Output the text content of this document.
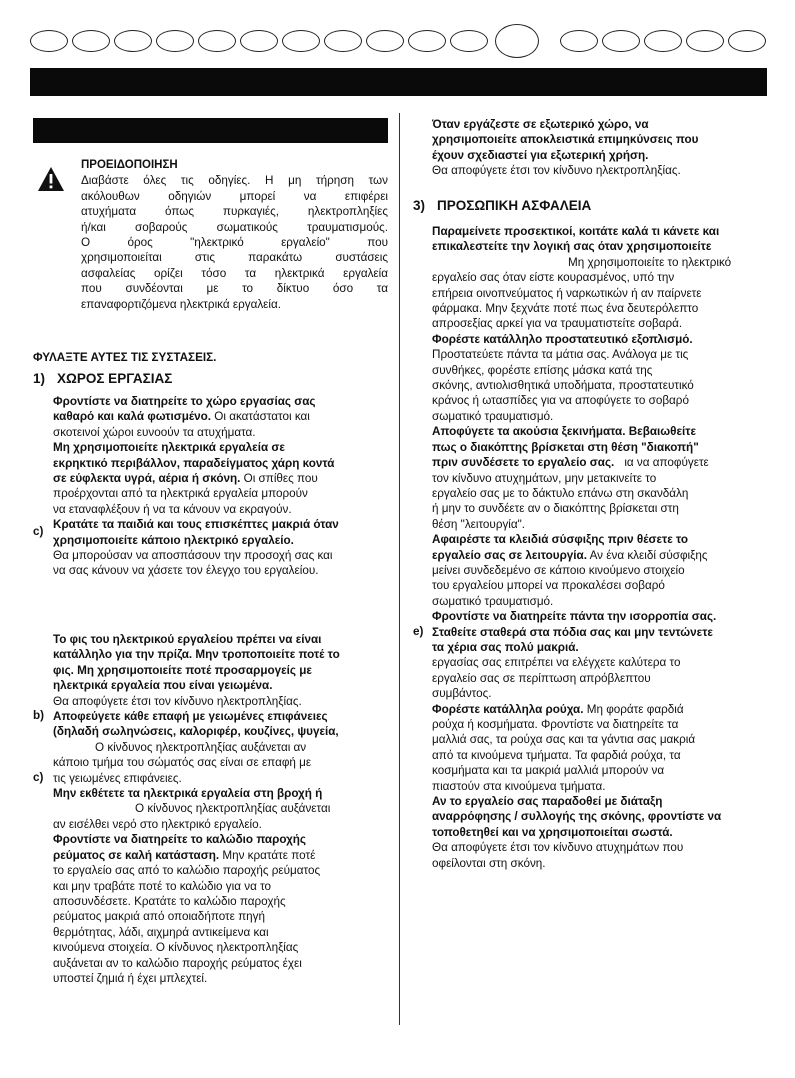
ΠΡΟΕΙΔΟΠΟΙΗΣΗ

Διαβάστε όλες τις οδηγίες. Η μη τήρηση των

ακόλουθων οδηγιών μπορεί να επιφέρει

ατυχήματα όπως πυρκαγιές, ηλεκτροπληξίες

ή/και σοβαρούς σωματικούς τραυματισμούς.

Ο όρος "ηλεκτρικό εργαλείο" που

χρησιμοποιείται στις παρακάτω συστάσεις

ασφαλείας ορίζει τόσο τα ηλεκτρικά εργαλεία

που συνδέονται με το δίκτυο όσο τα

επαναφορτιζόμενα ηλεκτρικά εργαλεία.

ΦΥΛΑΞΤΕ ΑΥΤΕΣ ΤΙΣ ΣΥΣΤΑΣΕΙΣ.

1) ΧΩΡΟΣ ΕΡΓΑΣΙΑΣ

Φροντίστε να διατηρείτε το χώρο εργασίας σας

καθαρό και καλά φωτισμένο. Οι ακατάστατοι και

σκοτεινοί χώροι ευνοούν τα ατυχήματα.

Μη χρησιμοποιείτε ηλεκτρικά εργαλεία σε

εκρηκτικό περιβάλλον, παραδείγματος χάρη κοντά

σε εύφλεκτα υγρά, αέρια ή σκόνη. Οι σπίθες που

προέρχονται από τα ηλεκτρικά εργαλεία μπορούν

να εταναφλέξουν ή να τα κάνουν να εκραγούν.

Κρατάτε τα παιδιά και τους επισκέπτες μακριά όταν

χρησιμοποιείτε κάποιο ηλεκτρικό εργαλείο.

Θα μπορούσαν να αποσπάσουν την προσοχή σας και

να σας κάνουν να χάσετε τον έλεγχο του εργαλείου.

c)

Το φις του ηλεκτρικού εργαλείου πρέπει να είναι

κατάλληλο για την πρίζα. Μην τροποποιείτε ποτέ το

φις. Μη χρησιμοποιείτε ποτέ προσαρμογείς με

ηλεκτρικά εργαλεία που είναι γειωμένα.

Θα αποφύγετε έτσι τον κίνδυνο ηλεκτροπληξίας.

Αποφεύγετε κάθε επαφή με γειωμένες επιφάνειες

(δηλαδή σωληνώσεις, καλοριφέρ, κουζίνες, ψυγεία,

Ο κίνδυνος ηλεκτροπληξίας αυξάνεται αν

κάποιο τμήμα του σώματός σας είναι σε επαφή με

τις γειωμένες επιφάνειες.

Μην εκθέτετε τα ηλεκτρικά εργαλεία στη βροχή ή

Ο κίνδυνος ηλεκτροπληξίας αυξάνεται

αν εισέλθει νερό στο ηλεκτρικό εργαλείο.

Φροντίστε να διατηρείτε το καλώδιο παροχής

ρεύματος σε καλή κατάσταση. Μην κρατάτε ποτέ

το εργαλείο σας από το καλώδιο παροχής ρεύματος

και μην τραβάτε ποτέ το καλώδιο για να το

αποσυνδέσετε. Κρατάτε το καλώδιο παροχής

ρεύματος μακριά από οποιαδήποτε πηγή

θερμότητας, λάδι, αιχμηρά αντικείμενα και

κινούμενα στοιχεία. Ο κίνδυνος ηλεκτροπληξίας

αυξάνεται αν το καλώδιο παροχής ρεύματος έχει

υποστεί ζημιά ή έχει μπλεχτεί.

b)
c)

Όταν εργάζεστε σε εξωτερικό χώρο, να

χρησιμοποιείτε αποκλειστικά επιμηκύνσεις που

έχουν σχεδιαστεί για εξωτερική χρήση.

Θα αποφύγετε έτσι τον κίνδυνο ηλεκτροπληξίας.

3) ΠΡΟΣΩΠΙΚΗ ΑΣΦΑΛΕΙΑ

Παραμείνετε προσεκτικοί, κοιτάτε καλά τι κάνετε και

επικαλεστείτε την λογική σας όταν χρησιμοποιείτε

Μη χρησιμοποιείτε το ηλεκτρικό

εργαλείο σας όταν είστε κουρασμένος, υπό την

επήρεια οινοπνεύματος ή ναρκωτικών ή αν παίρνετε

φάρμακα. Μην ξεχνάτε ποτέ πως ένα δευτερόλεπτο

απροσεξίας αρκεί για να τραυματιστείτε σοβαρά.

Φορέστε κατάλληλο προστατευτικό εξοπλισμό.

Προστατεύετε πάντα τα μάτια σας. Ανάλογα με τις

συνθήκες, φορέστε επίσης μάσκα κατά της

σκόνης, αντιολισθητικά υποδήματα, προστατευτικό

κράνος ή ωτασπίδες για να αποφύγετε το σοβαρό

σωματικό τραυματισμό.

Αποφύγετε τα ακούσια ξεκινήματα. Βεβαιωθείτε

πως ο διακόπτης βρίσκεται στη θέση "διακοπή"

πριν συνδέσετε το εργαλείο σας. ια να αποφύγετε

τον κίνδυνο ατυχημάτων, μην μετακινείτε το

εργαλείο σας με το δάκτυλο επάνω στη σκανδάλη

ή μην το συνδέετε αν ο διακόπτης βρίσκεται στη

θέση "λειτουργία".

Αφαιρέστε τα κλειδιά σύσφιξης πριν θέσετε το

εργαλείο σας σε λειτουργία. Αν ένα κλειδί σύσφιξης

μείνει συνδεδεμένο σε κάποιο κινούμενο στοιχείο

του εργαλείου μπορεί να προκαλέσει σοβαρό

σωματικό τραυματισμό.

Φροντίστε να διατηρείτε πάντα την ισορροπία σας.

Σταθείτε σταθερά στα πόδια σας και μην τεντώνετε

τα χέρια σας πολύ μακριά.

εργασίας σας επιτρέπει να ελέγχετε καλύτερα το

εργαλείο σας σε περίπτωση απρόβλεπτου

συμβάντος.

Φορέστε κατάλληλα ρούχα. Μη φοράτε φαρδιά

ρούχα ή κοσμήματα. Φροντίστε να διατηρείτε τα

μαλλιά σας, τα ρούχα σας και τα γάντια σας μακριά

από τα κινούμενα τμήματα. Τα φαρδιά ρούχα, τα

κοσμήματα και τα μακριά μαλλιά μπορούν να

πιαστούν στα κινούμενα τμήματα.

Αν το εργαλείο σας παραδοθεί με διάταξη

αναρρόφησης / συλλογής της σκόνης, φροντίστε να

τοποθετηθεί και να χρησιμοποιείται σωστά.

Θα αποφύγετε έτσι τον κίνδυνο ατυχημάτων που

οφείλονται στη σκόνη.

e)
